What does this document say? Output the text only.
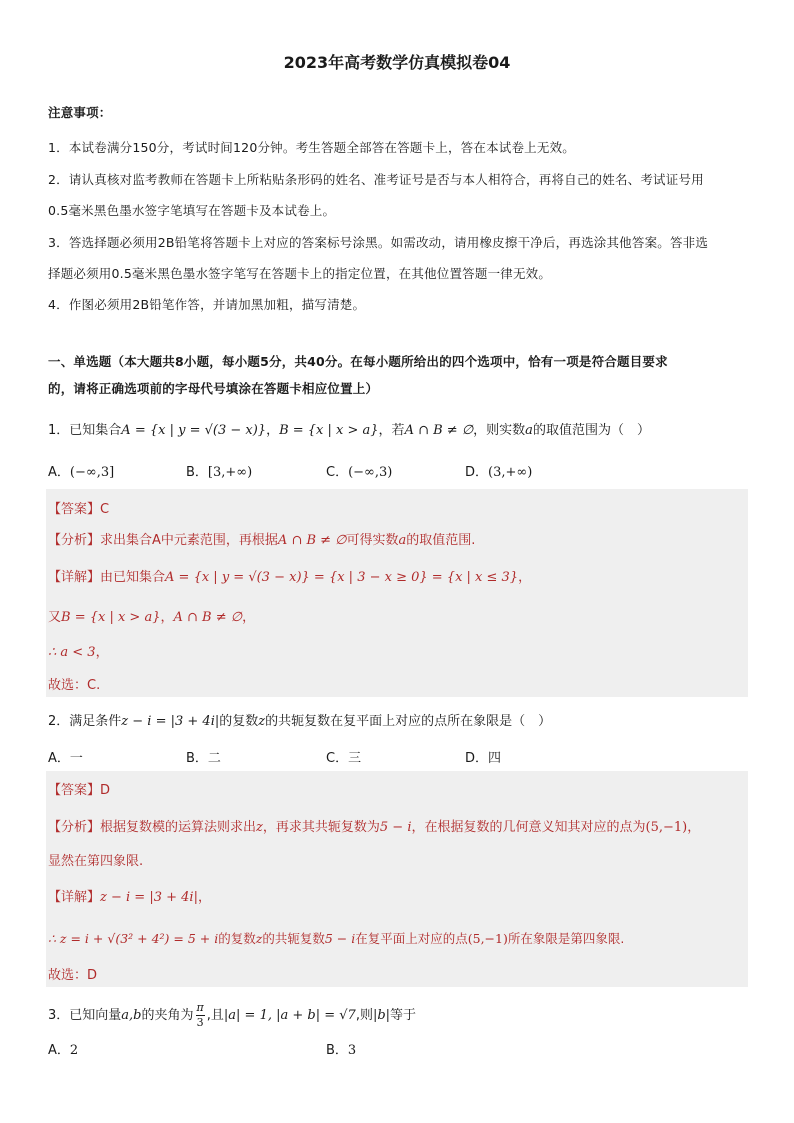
2023年高考数学仿真模拟卷04
注意事项：
1．本试卷满分150分，考试时间120分钟。考生答题全部答在答题卡上，答在本试卷上无效。
2．请认真核对监考教师在答题卡上所粘贴条形码的姓名、准考证号是否与本人相符合，再将自己的姓名、考试证号用
0.5毫米黑色墨水签字笔填写在答题卡及本试卷上。
3．答选择题必须用2B铅笔将答题卡上对应的答案标号涂黑。如需改动，请用橡皮擦干净后，再选涂其他答案。答非选
择题必须用0.5毫米黑色墨水签字笔写在答题卡上的指定位置，在其他位置答题一律无效。
4．作图必须用2B铅笔作答，并请加黑加粗，描写清楚。
一、单选题（本大题共8小题，每小题5分，共40分。在每小题所给出的四个选项中，恰有一项是符合题目要求
的，请将正确选项前的字母代号填涂在答题卡相应位置上）
1．已知集合A = {x | y = √(3 − x)}，B = {x | x > a}，若A ∩ B ≠ ∅，则实数a的取值范围为（　）
A．(−∞,3]	B．[3,+∞)	C．(−∞,3)	D．(3,+∞)
【答案】C
【分析】求出集合A中元素范围，再根据A ∩ B ≠ ∅可得实数a的取值范围.
【详解】由已知集合A = {x | y = √(3 − x)} = {x | 3 − x ≥ 0} = {x | x ≤ 3}，
又B = {x | x > a}，A ∩ B ≠ ∅，
∴ a < 3，
故选：C.
2．满足条件z − i = |3 + 4i|的复数z的共轭复数在复平面上对应的点所在象限是（　）
A．一	B．二	C．三	D．四
【答案】D
【分析】根据复数模的运算法则求出z，再求其共轭复数为5 − i，在根据复数的几何意义知其对应的点为(5,−1)，
显然在第四象限.
【详解】z − i = |3 + 4i|，
∴ z = i + √(3² + 4²) = 5 + i的复数z的共轭复数5 − i在复平面上对应的点(5,−1)所在象限是第四象限.
故选：D
3．已知向量a,b的夹角为 $\frac{\pi}{3}$ ,且|a| = 1, |a + b| = √7,则|b|等于
A．2	B．3
